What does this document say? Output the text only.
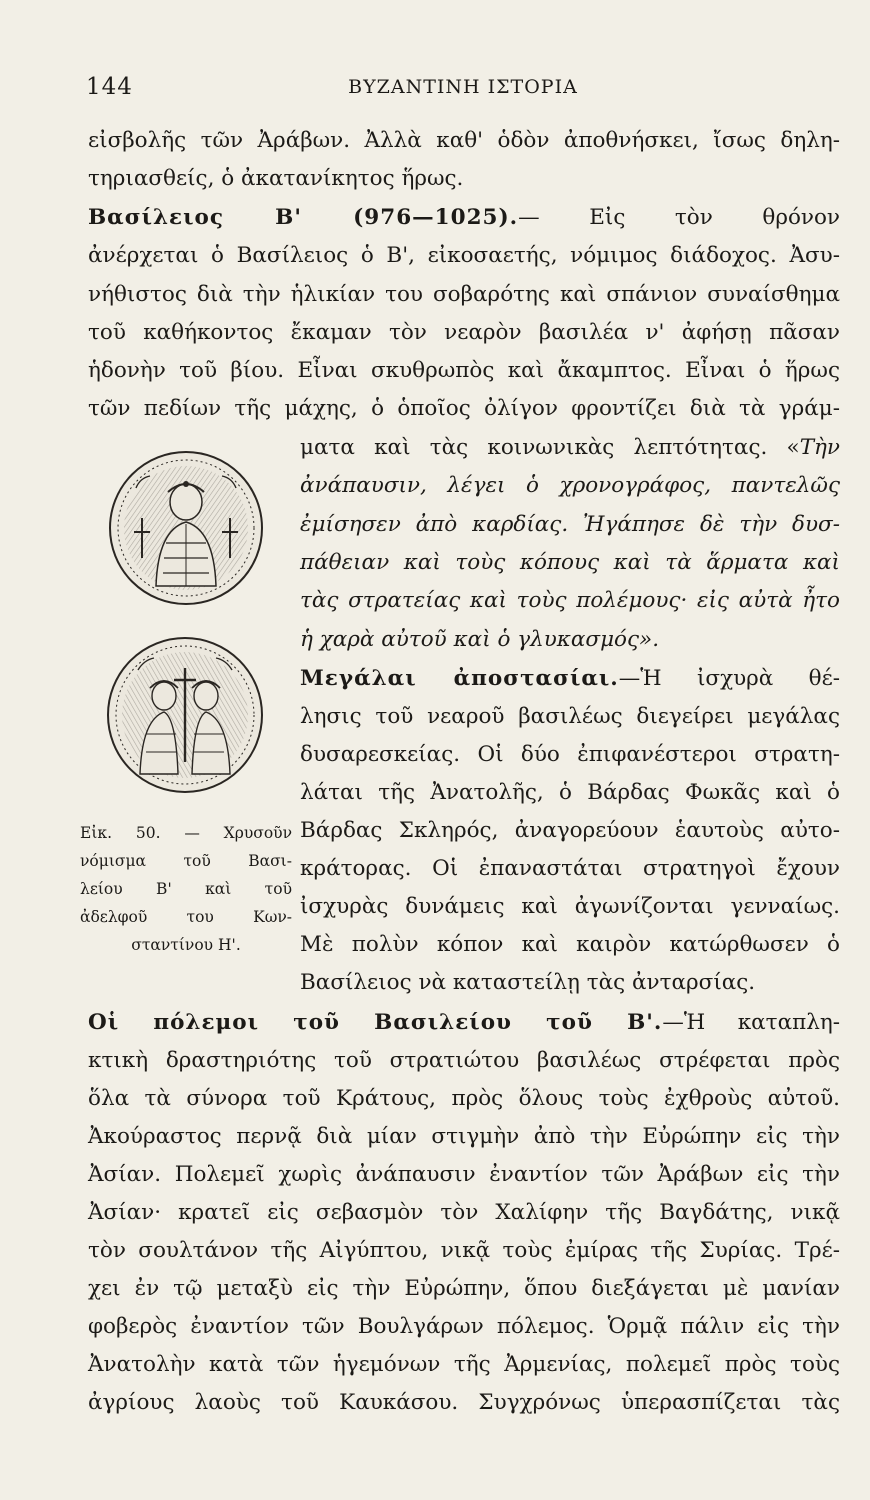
144	ΒΥΖΑΝΤΙΝΗ ΙΣΤΟΡΙΑ
εἰσβολῆς τῶν Ἀράβων. Ἀλλὰ καθ' ὁδὸν ἀποθνήσκει, ἴσως δηλη-
τηριασθείς, ὁ ἀκατανίκητος ἥρως.
Βασίλειος Β' (976—1025).— Εἰς τὸν θρόνον
ἀνέρχεται ὁ Βασίλειος ὁ Β', εἰκοσαετής, νόμιμος διάδοχος. Ἀσυ-
νήθιστος διὰ τὴν ἡλικίαν του σοβαρότης καὶ σπάνιον συναίσθημα
τοῦ καθήκοντος ἔκαμαν τὸν νεαρὸν βασιλέα ν' ἀφήσῃ πᾶσαν
ἡδονὴν τοῦ βίου. Εἶναι σκυθρωπὸς καὶ ἄκαμπτος. Εἶναι ὁ ἥρως
τῶν πεδίων τῆς μάχης, ὁ ὁποῖος ὀλίγον φροντίζει διὰ τὰ γράμ-
ματα καὶ τὰς κοινωνικὰς λεπτότητας. «Τὴν
ἀνάπαυσιν, λέγει ὁ χρονογράφος, παντελῶς
ἐμίσησεν ἀπὸ καρδίας. Ἠγάπησε δὲ τὴν δυσ-
πάθειαν καὶ τοὺς κόπους καὶ τὰ ἅρματα καὶ
τὰς στρατείας καὶ τοὺς πολέμους· εἰς αὐτὰ ἦτο
ἡ χαρὰ αὐτοῦ καὶ ὁ γλυκασμός».
Μεγάλαι ἀποστασίαι.—Ἡ ἰσχυρὰ θέ-
λησις τοῦ νεαροῦ βασιλέως διεγείρει μεγάλας
δυσαρεσκείας. Οἱ δύο ἐπιφανέστεροι στρατη-
λάται τῆς Ἀνατολῆς, ὁ Βάρδας Φωκᾶς καὶ ὁ
Βάρδας Σκληρός, ἀναγορεύουν ἑαυτοὺς αὐτο-
κράτορας. Οἱ ἐπαναστάται στρατηγοὶ ἔχουν
ἰσχυρὰς δυνάμεις καὶ ἀγωνίζονται γενναίως.
Μὲ πολὺν κόπον καὶ καιρὸν κατώρθωσεν ὁ
Βασίλειος νὰ καταστείλῃ τὰς ἀνταρσίας.
Οἱ πόλεμοι τοῦ Βασιλείου τοῦ Β'.—Ἡ καταπλη-
κτικὴ δραστηριότης τοῦ στρατιώτου βασιλέως στρέφεται πρὸς
ὅλα τὰ σύνορα τοῦ Κράτους, πρὸς ὅλους τοὺς ἐχθροὺς αὐτοῦ.
Ἀκούραστος περνᾷ διὰ μίαν στιγμὴν ἀπὸ τὴν Εὐρώπην εἰς τὴν
Ἀσίαν. Πολεμεῖ χωρὶς ἀνάπαυσιν ἐναντίον τῶν Ἀράβων εἰς τὴν
Ἀσίαν· κρατεῖ εἰς σεβασμὸν τὸν Χαλίφην τῆς Βαγδάτης, νικᾷ
τὸν σουλτάνον τῆς Αἰγύπτου, νικᾷ τοὺς ἐμίρας τῆς Συρίας. Τρέ-
χει ἐν τῷ μεταξὺ εἰς τὴν Εὐρώπην, ὅπου διεξάγεται μὲ μανίαν
φοβερὸς ἐναντίον τῶν Βουλγάρων πόλεμος. Ὁρμᾷ πάλιν εἰς τὴν
Ἀνατολὴν κατὰ τῶν ἡγεμόνων τῆς Ἀρμενίας, πολεμεῖ πρὸς τοὺς
ἀγρίους λαοὺς τοῦ Καυκάσου. Συγχρόνως ὑπερασπίζεται τὰς
Εἰκ. 50. — Χρυσοῦν
νόμισμα τοῦ Βασι-
λείου Β' καὶ τοῦ
ἀδελφοῦ του Κων-
σταντίνου Η'.
